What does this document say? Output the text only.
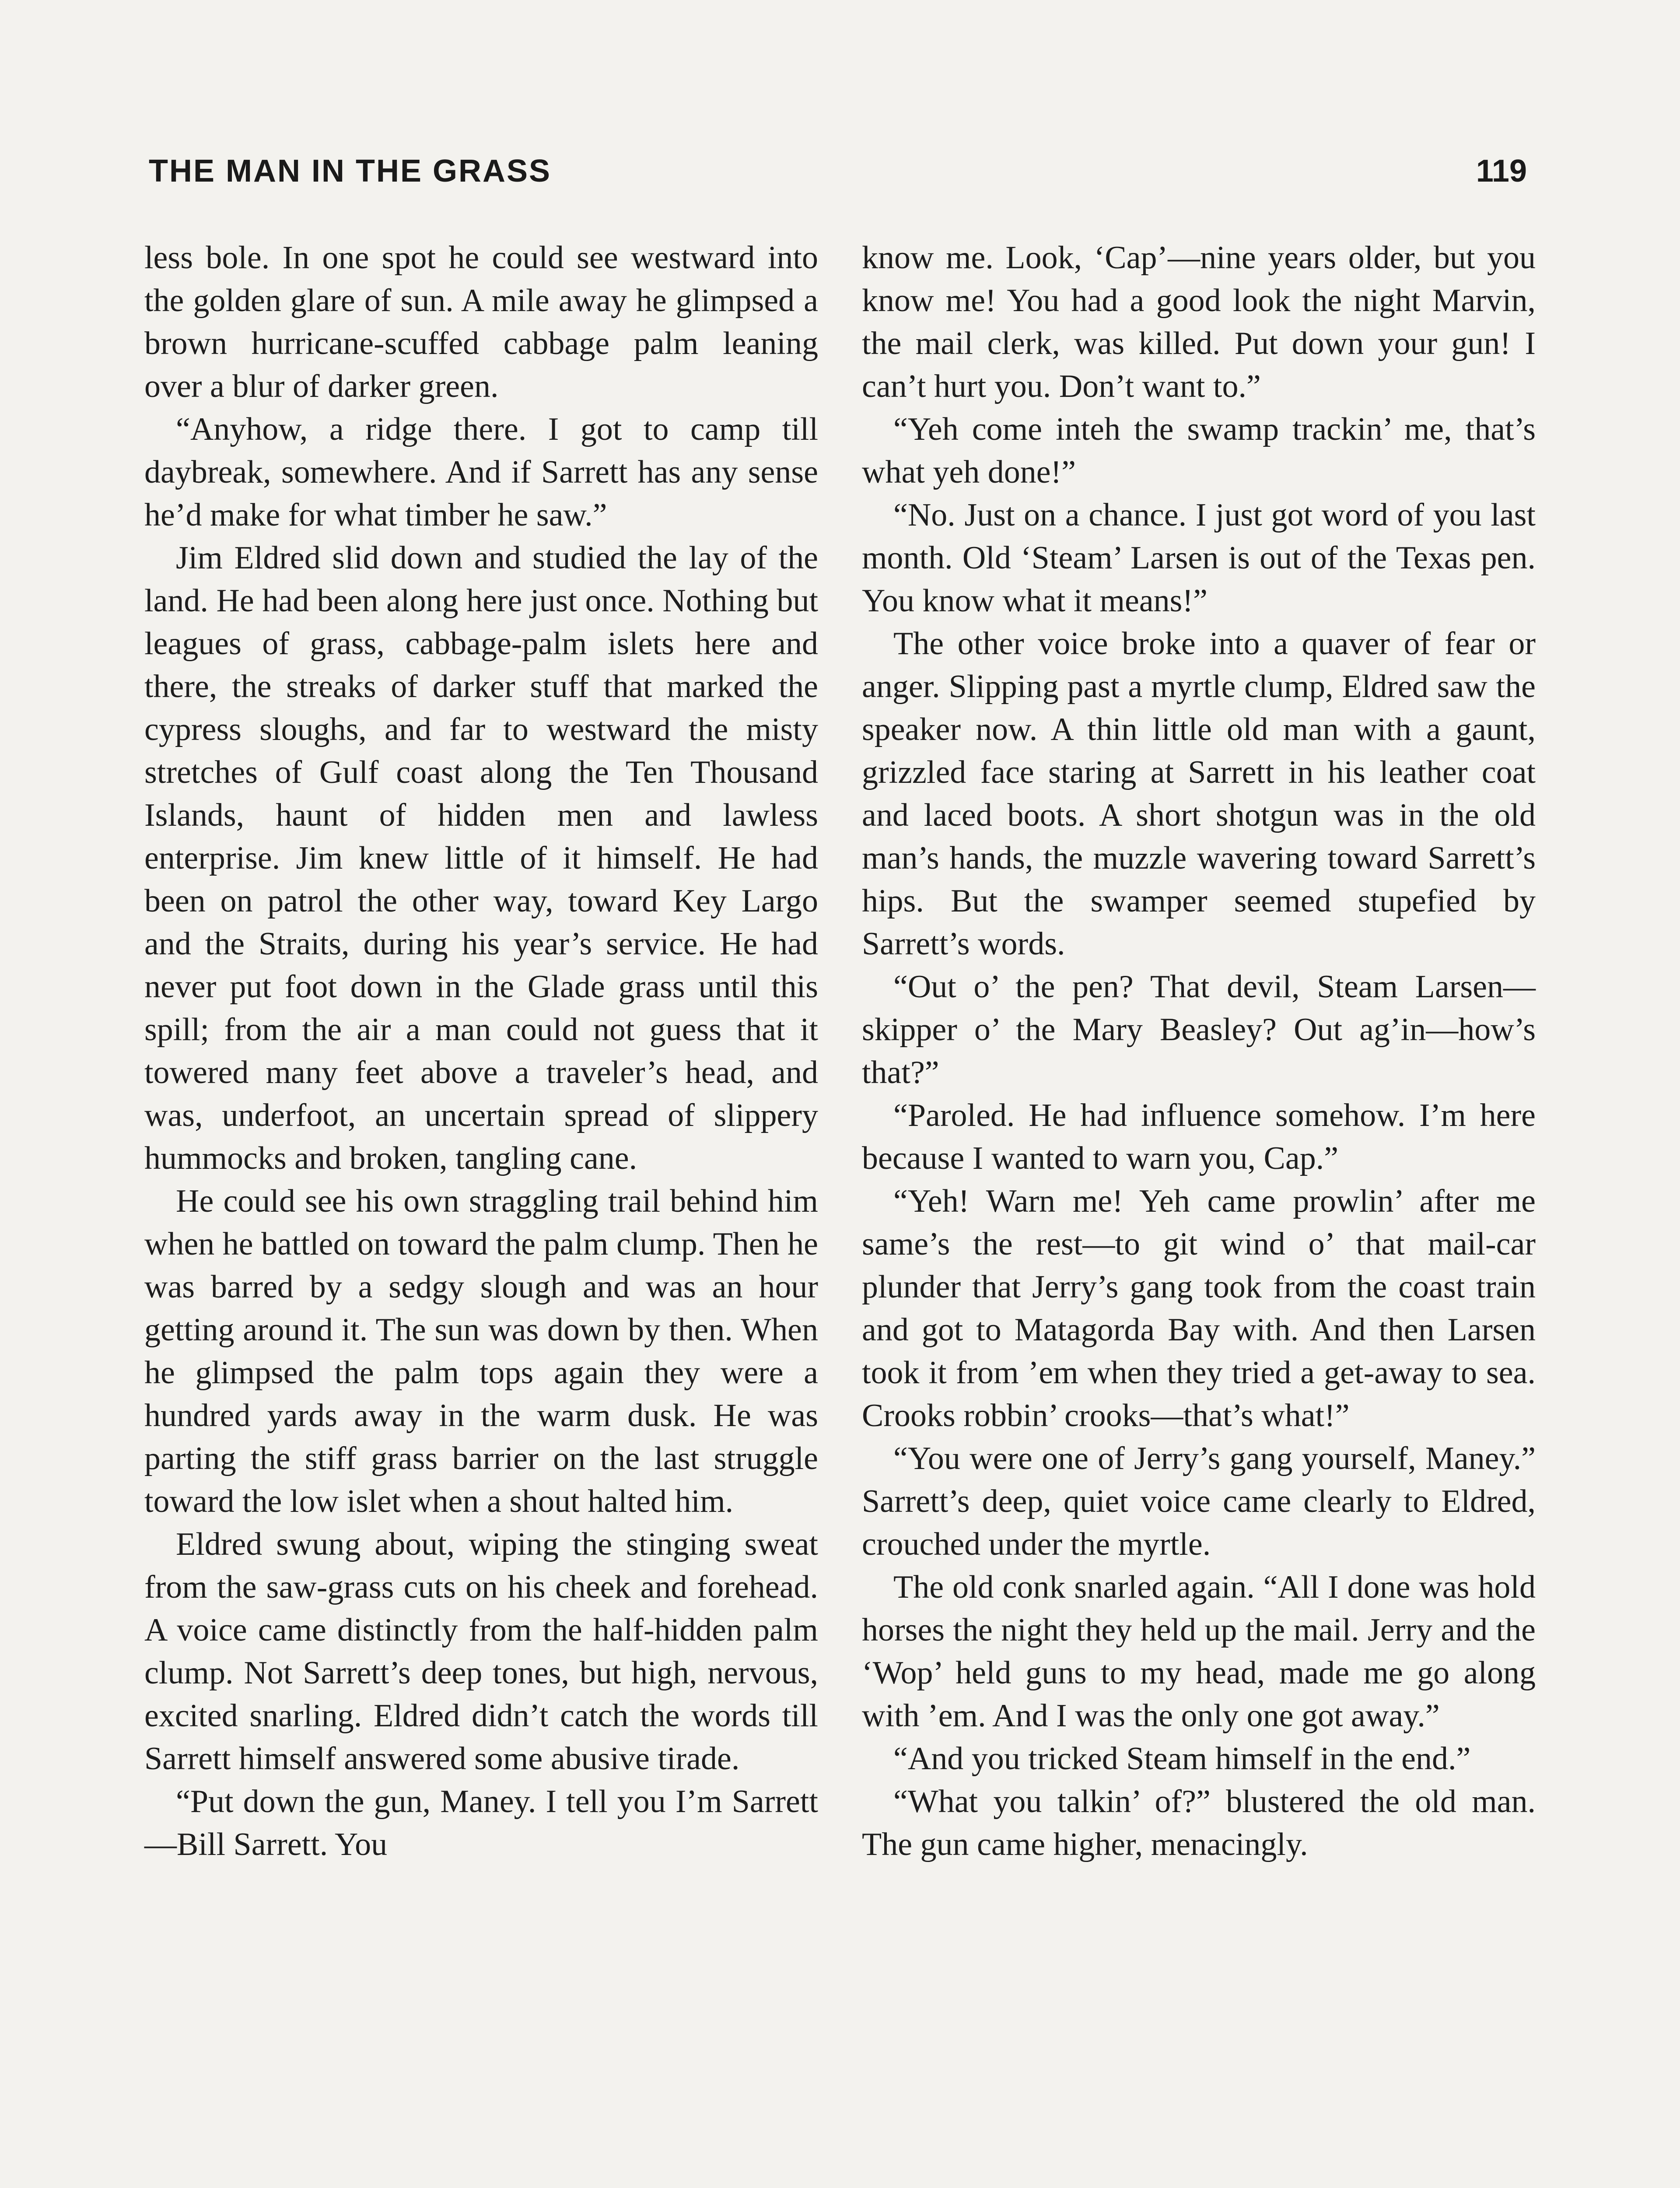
THE MAN IN THE GRASS	119

less bole. In one spot he could see westward into the golden glare of sun. A mile away he glimpsed a brown hurricane-scuffed cabbage palm leaning over a blur of darker green.

“Anyhow, a ridge there. I got to camp till daybreak, somewhere. And if Sarrett has any sense he’d make for what timber he saw.”

Jim Eldred slid down and studied the lay of the land. He had been along here just once. Nothing but leagues of grass, cabbage-palm islets here and there, the streaks of darker stuff that marked the cypress sloughs, and far to westward the misty stretches of Gulf coast along the Ten Thousand Islands, haunt of hidden men and lawless enterprise. Jim knew little of it himself. He had been on patrol the other way, toward Key Largo and the Straits, during his year’s service. He had never put foot down in the Glade grass until this spill; from the air a man could not guess that it towered many feet above a traveler’s head, and was, underfoot, an uncertain spread of slippery hummocks and broken, tangling cane.

He could see his own straggling trail behind him when he battled on toward the palm clump. Then he was barred by a sedgy slough and was an hour getting around it. The sun was down by then. When he glimpsed the palm tops again they were a hundred yards away in the warm dusk. He was parting the stiff grass barrier on the last struggle toward the low islet when a shout halted him.

Eldred swung about, wiping the stinging sweat from the saw-grass cuts on his cheek and forehead. A voice came distinctly from the half-hidden palm clump. Not Sarrett’s deep tones, but high, nervous, excited snarling. Eldred didn’t catch the words till Sarrett himself answered some abusive tirade.

“Put down the gun, Maney. I tell you I’m Sarrett—Bill Sarrett. You

know me. Look, ‘Cap’—nine years older, but you know me! You had a good look the night Marvin, the mail clerk, was killed. Put down your gun! I can’t hurt you. Don’t want to.”

“Yeh come inteh the swamp trackin’ me, that’s what yeh done!”

“No. Just on a chance. I just got word of you last month. Old ‘Steam’ Larsen is out of the Texas pen. You know what it means!”

The other voice broke into a quaver of fear or anger. Slipping past a myrtle clump, Eldred saw the speaker now. A thin little old man with a gaunt, grizzled face staring at Sarrett in his leather coat and laced boots. A short shotgun was in the old man’s hands, the muzzle wavering toward Sarrett’s hips. But the swamper seemed stupefied by Sarrett’s words.

“Out o’ the pen? That devil, Steam Larsen—skipper o’ the Mary Beasley? Out ag’in—how’s that?”

“Paroled. He had influence somehow. I’m here because I wanted to warn you, Cap.”

“Yeh! Warn me! Yeh came prowlin’ after me same’s the rest—to git wind o’ that mail-car plunder that Jerry’s gang took from the coast train and got to Matagorda Bay with. And then Larsen took it from ’em when they tried a get-away to sea. Crooks robbin’ crooks—that’s what!”

“You were one of Jerry’s gang yourself, Maney.” Sarrett’s deep, quiet voice came clearly to Eldred, crouched under the myrtle.

The old conk snarled again. “All I done was hold horses the night they held up the mail. Jerry and the ‘Wop’ held guns to my head, made me go along with ’em. And I was the only one got away.”

“And you tricked Steam himself in the end.”

“What you talkin’ of?” blustered the old man. The gun came higher, menacingly.
